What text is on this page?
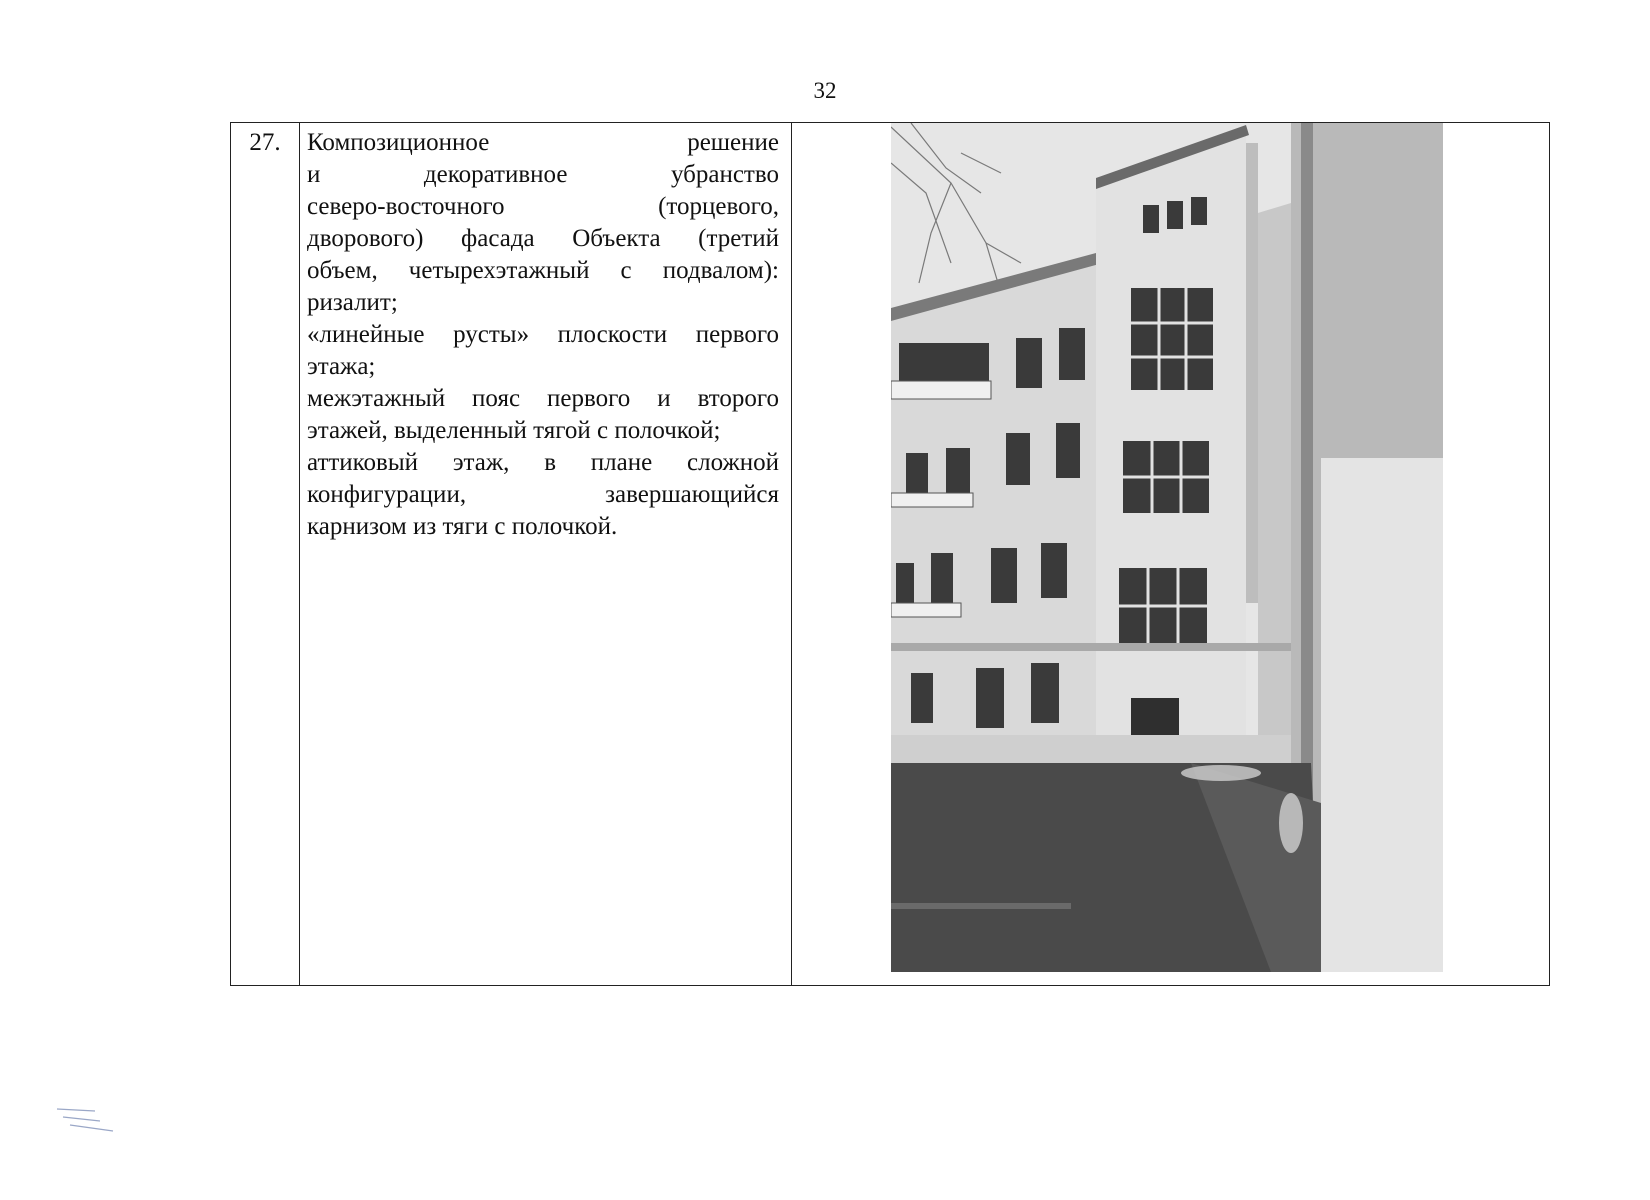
32
27.	Композиционное решение
и декоративное убранство
северо-восточного (торцевого,
дворового) фасада Объекта (третий
объем, четырехэтажный с подвалом):
ризалит;
«линейные русты» плоскости первого
этажа;
межэтажный пояс первого и второго
этажей, выделенный тягой с полочкой;
аттиковый этаж, в плане сложной
конфигурации, завершающийся
карнизом из тяги с полочкой.
